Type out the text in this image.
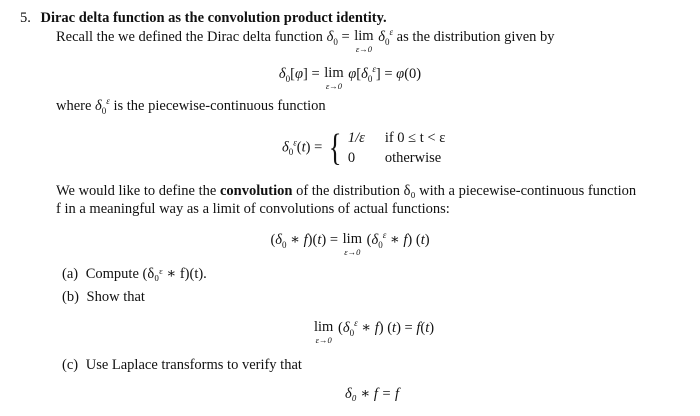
5. Dirac delta function as the convolution product identity.
Recall the we defined the Dirac delta function $\delta_0 = \lim$
ε→0
$\delta_0^\varepsilon$ as the distribution given by
$\delta_0[\varphi] = \lim$
ε→0
$\varphi[\delta_0^\varepsilon] = \varphi(0)$
where $\delta_0^\varepsilon$ is the piecewise-continuous function
$\delta_0^\varepsilon(t)$ = { 1/ε	if 0 ≤ t < ε
0	otherwise
We would like to define the convolution of the distribution δ₀ with a piecewise-continuous function
f in a meaningful way as a limit of convolutions of actual functions:
($\delta_0$ ∗ f)(t) = lim
ε→0
($\delta_0^\varepsilon$ ∗ f) (t)
(a) Compute (δ₀ᵋ ∗ f)(t).
(b) Show that
lim
ε→0
($\delta_0^\varepsilon$ ∗ f) (t) = f(t)
(c) Use Laplace transforms to verify that
δ₀ ∗ f = f
